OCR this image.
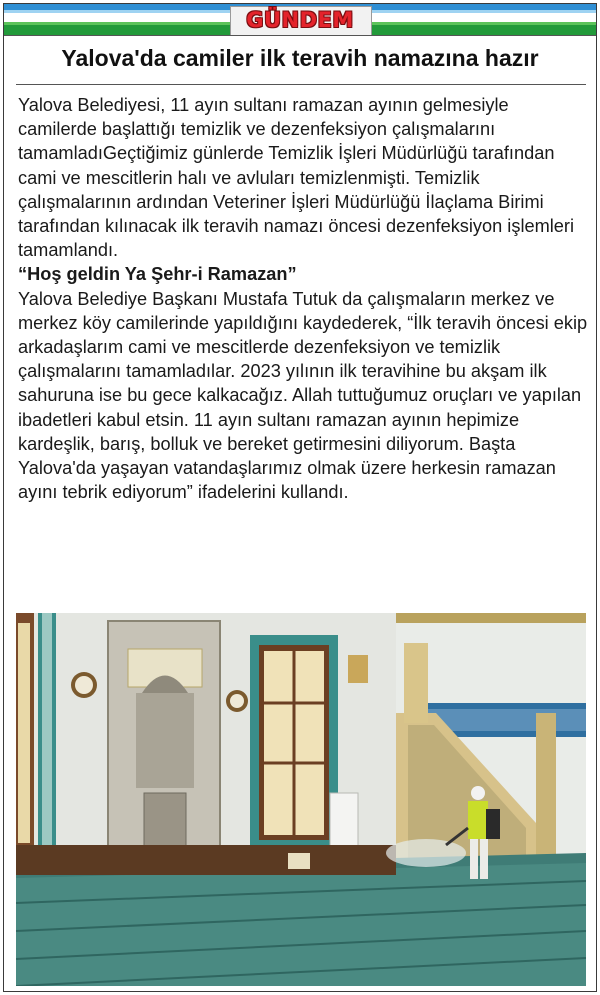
GÜNDEM
Yalova'da camiler ilk teravih namazına hazır

Yalova Belediyesi, 11 ayın sultanı ramazan ayının gelmesiyle camilerde başlattığı temizlik ve dezenfeksiyon çalışmalarını tamamladıGeçtiğimiz günlerde Temizlik İşleri Müdürlüğü tarafından cami ve mescitlerin halı ve avluları temizlenmişti. Temizlik çalışmalarının ardından Veteriner İşleri Müdürlüğü İlaçlama Birimi tarafından kılınacak ilk teravih namazı öncesi dezenfeksiyon işlemleri tamamlandı.

“Hoş geldin Ya Şehr-i Ramazan”

Yalova Belediye Başkanı Mustafa Tutuk da çalışmaların merkez ve merkez köy camilerinde yapıldığını kaydederek, “İlk teravih öncesi ekip arkadaşlarım cami ve mescitlerde dezenfeksiyon ve temizlik çalışmalarını tamamladılar. 2023 yılının ilk teravihine bu akşam ilk sahuruna ise bu gece kalkacağız. Allah tuttuğumuz oruçları ve yapılan ibadetleri kabul etsin. 11 ayın sultanı ramazan ayının hepimize kardeşlik, barış, bolluk ve bereket getirmesini diliyorum. Başta Yalova'da yaşayan vatandaşlarımız olmak üzere herkesin ramazan ayını tebrik ediyorum” ifadelerini kullandı.
